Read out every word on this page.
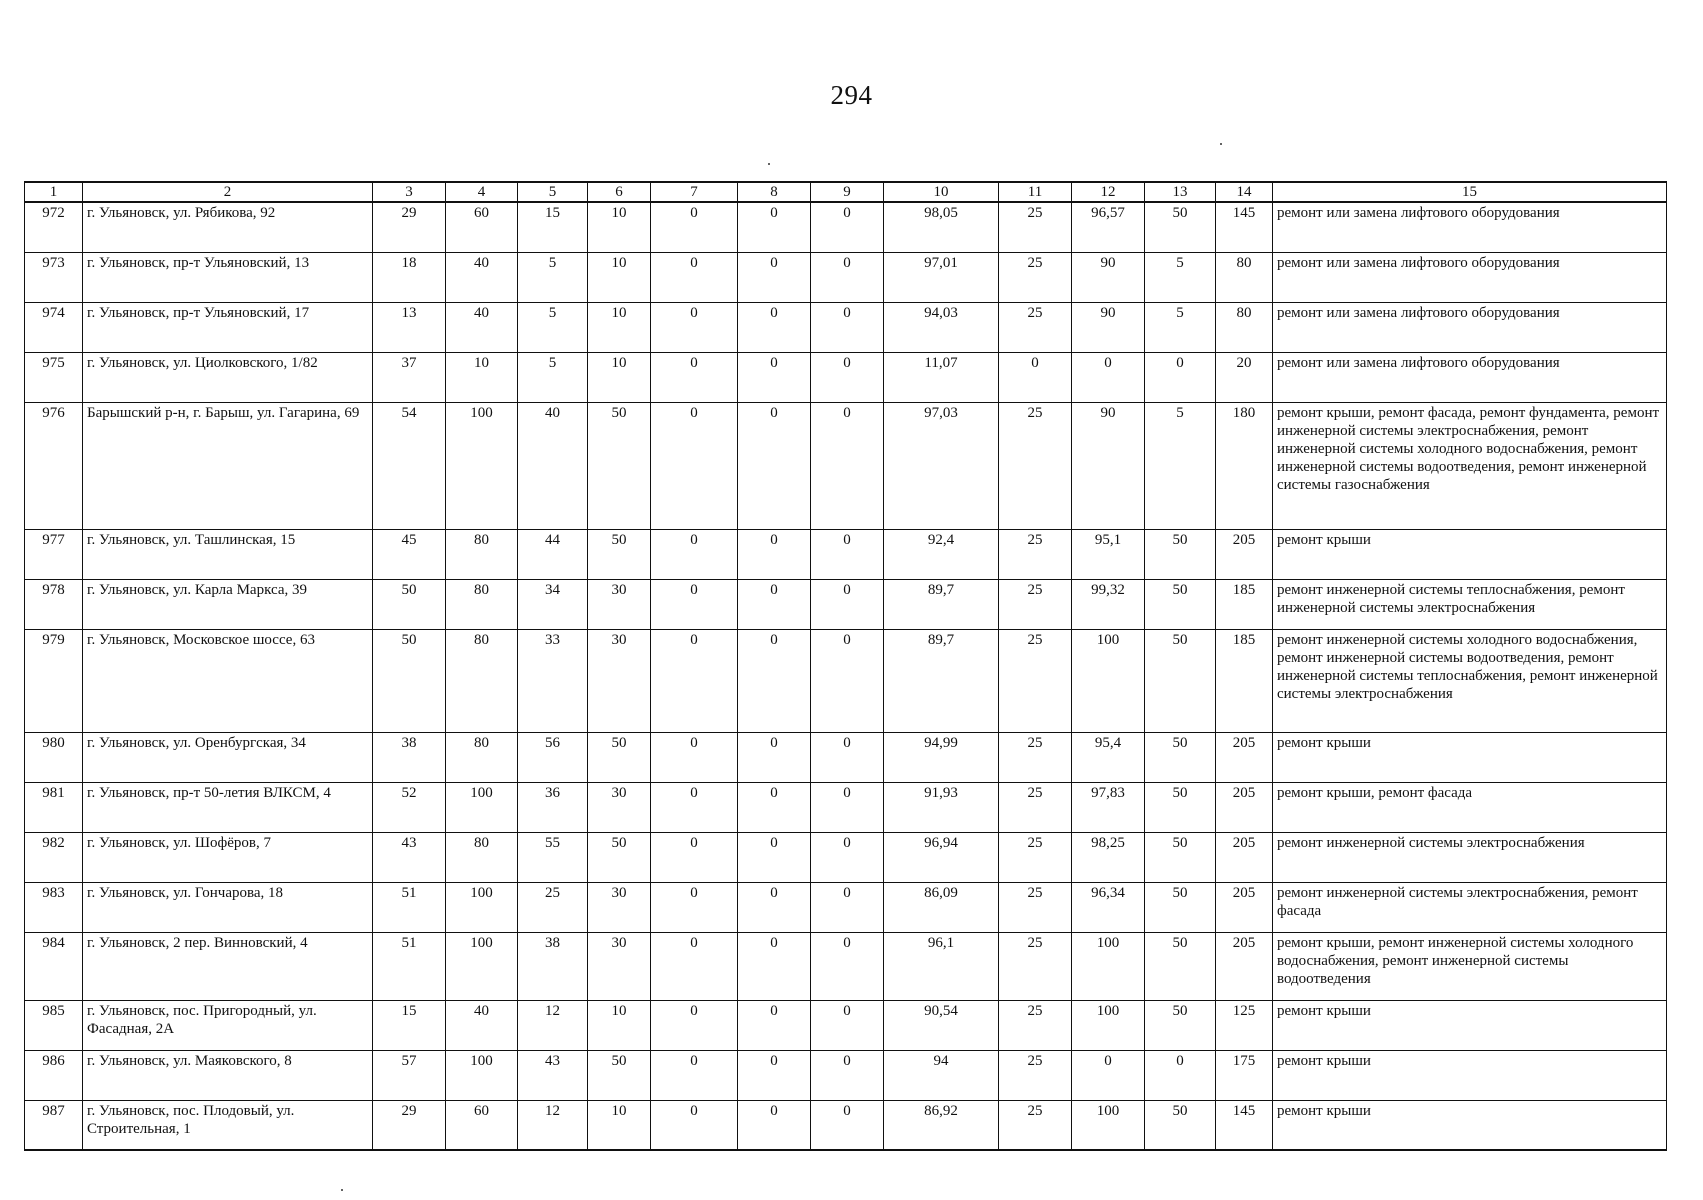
294
1	2	3	4	5	6	7	8	9	10	11	12	13	14	15
972	г. Ульяновск, ул. Рябикова, 92	29	60	15	10	0	0	0	98,05	25	96,57	50	145	ремонт или замена лифтового оборудования
973	г. Ульяновск, пр-т Ульяновский, 13	18	40	5	10	0	0	0	97,01	25	90	5	80	ремонт или замена лифтового оборудования
974	г. Ульяновск, пр-т Ульяновский, 17	13	40	5	10	0	0	0	94,03	25	90	5	80	ремонт или замена лифтового оборудования
975	г. Ульяновск, ул. Циолковского, 1/82	37	10	5	10	0	0	0	11,07	0	0	0	20	ремонт или замена лифтового оборудования
976	Барышский р-н, г. Барыш, ул. Гагарина, 69	54	100	40	50	0	0	0	97,03	25	90	5	180	ремонт крыши, ремонт фасада, ремонт фундамента, ремонт инженерной системы электроснабжения, ремонт инженерной системы холодного водоснабжения, ремонт инженерной системы водоотведения, ремонт инженерной системы газоснабжения
977	г. Ульяновск, ул. Ташлинская, 15	45	80	44	50	0	0	0	92,4	25	95,1	50	205	ремонт крыши
978	г. Ульяновск, ул. Карла Маркса, 39	50	80	34	30	0	0	0	89,7	25	99,32	50	185	ремонт инженерной системы теплоснабжения, ремонт инженерной системы электроснабжения
979	г. Ульяновск, Московское шоссе, 63	50	80	33	30	0	0	0	89,7	25	100	50	185	ремонт инженерной системы холодного водоснабжения, ремонт инженерной системы водоотведения, ремонт инженерной системы теплоснабжения, ремонт инженерной системы электроснабжения
980	г. Ульяновск, ул. Оренбургская, 34	38	80	56	50	0	0	0	94,99	25	95,4	50	205	ремонт крыши
981	г. Ульяновск, пр-т 50-летия ВЛКСМ, 4	52	100	36	30	0	0	0	91,93	25	97,83	50	205	ремонт крыши, ремонт фасада
982	г. Ульяновск, ул. Шофёров, 7	43	80	55	50	0	0	0	96,94	25	98,25	50	205	ремонт инженерной системы электроснабжения
983	г. Ульяновск, ул. Гончарова, 18	51	100	25	30	0	0	0	86,09	25	96,34	50	205	ремонт инженерной системы электроснабжения, ремонт фасада
984	г. Ульяновск, 2 пер. Винновский, 4	51	100	38	30	0	0	0	96,1	25	100	50	205	ремонт крыши, ремонт инженерной системы холодного водоснабжения, ремонт инженерной системы водоотведения
985	г. Ульяновск, пос. Пригородный, ул. Фасадная, 2А	15	40	12	10	0	0	0	90,54	25	100	50	125	ремонт крыши
986	г. Ульяновск, ул. Маяковского, 8	57	100	43	50	0	0	0	94	25	0	0	175	ремонт крыши
987	г. Ульяновск, пос. Плодовый, ул. Строительная, 1	29	60	12	10	0	0	0	86,92	25	100	50	145	ремонт крыши
